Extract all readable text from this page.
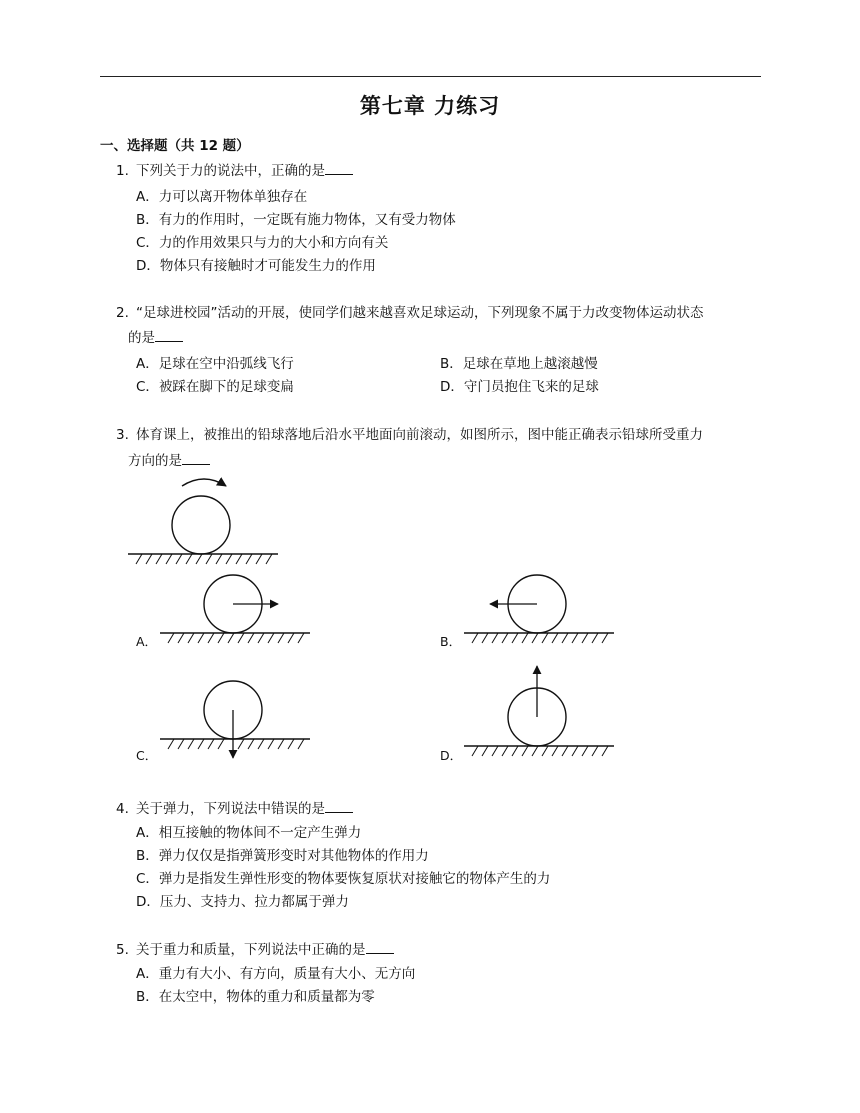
第七章 力练习
一、选择题（共 12 题）
1. 下列关于力的说法中，正确的是
A．力可以离开物体单独存在
B．有力的作用时，一定既有施力物体，又有受力物体
C．力的作用效果只与力的大小和方向有关
D．物体只有接触时才可能发生力的作用
2. “足球进校园”活动的开展，使同学们越来越喜欢足球运动，下列现象不属于力改变物体运动状态
的是
A．足球在空中沿弧线飞行	B．足球在草地上越滚越慢
C．被踩在脚下的足球变扁	D．守门员抱住飞来的足球
3. 体育课上，被推出的铅球落地后沿水平地面向前滚动，如图所示，图中能正确表示铅球所受重力
方向的是
A．	B．
C．	D．
4. 关于弹力，下列说法中错误的是
A．相互接触的物体间不一定产生弹力
B．弹力仅仅是指弹簧形变时对其他物体的作用力
C．弹力是指发生弹性形变的物体要恢复原状对接触它的物体产生的力
D．压力、支持力、拉力都属于弹力
5. 关于重力和质量，下列说法中正确的是
A．重力有大小、有方向，质量有大小、无方向
B．在太空中，物体的重力和质量都为零
